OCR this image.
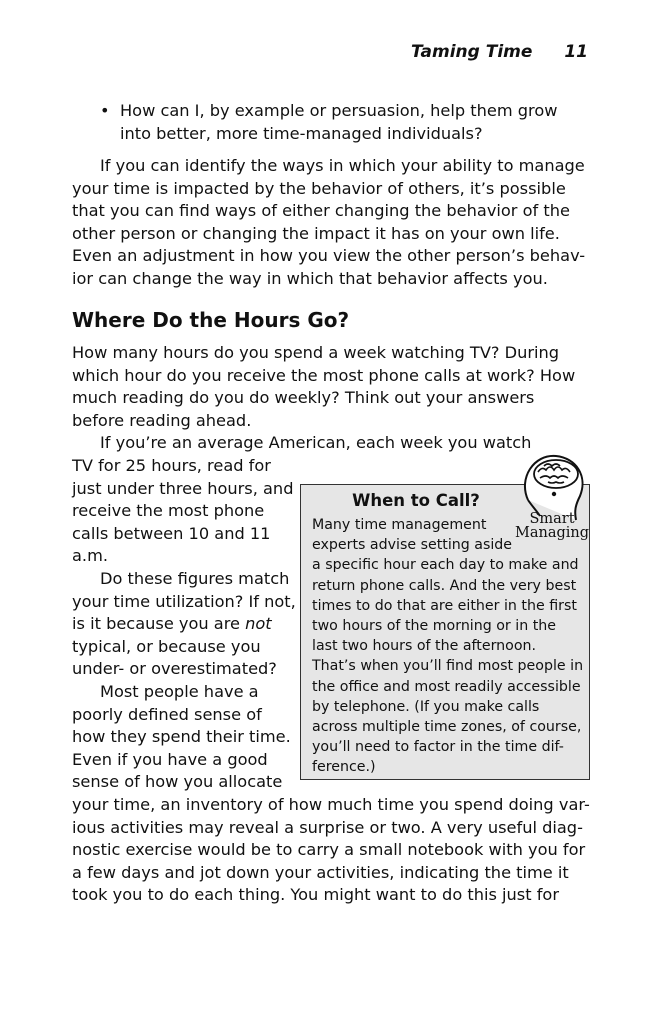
Taming Time 11
• How can I, by example or persuasion, help them grow
into better, more time-managed individuals?
If you can identify the ways in which your ability to manage
your time is impacted by the behavior of others, it’s possible
that you can find ways of either changing the behavior of the
other person or changing the impact it has on your own life.
Even an adjustment in how you view the other person’s behav-
ior can change the way in which that behavior affects you.
Where Do the Hours Go?
How many hours do you spend a week watching TV? During
which hour do you receive the most phone calls at work? How
much reading do you do weekly? Think out your answers
before reading ahead.
If you’re an average American, each week you watch
TV for 25 hours, read for
just under three hours, and
receive the most phone
calls between 10 and 11
a.m.
Do these figures match
your time utilization? If not,
is it because you are not
typical, or because you
under- or overestimated?
Most people have a
poorly defined sense of
how they spend their time.
Even if you have a good
sense of how you allocate
When to Call?
Many time management
experts advise setting aside
a specific hour each day to make and
return phone calls. And the very best
times to do that are either in the first
two hours of the morning or in the
last two hours of the afternoon.
That’s when you’ll find most people in
the office and most readily accessible
by telephone. (If you make calls
across multiple time zones, of course,
you’ll need to factor in the time dif-
ference.)
Smart
Managing
your time, an inventory of how much time you spend doing var-
ious activities may reveal a surprise or two. A very useful diag-
nostic exercise would be to carry a small notebook with you for
a few days and jot down your activities, indicating the time it
took you to do each thing. You might want to do this just for
